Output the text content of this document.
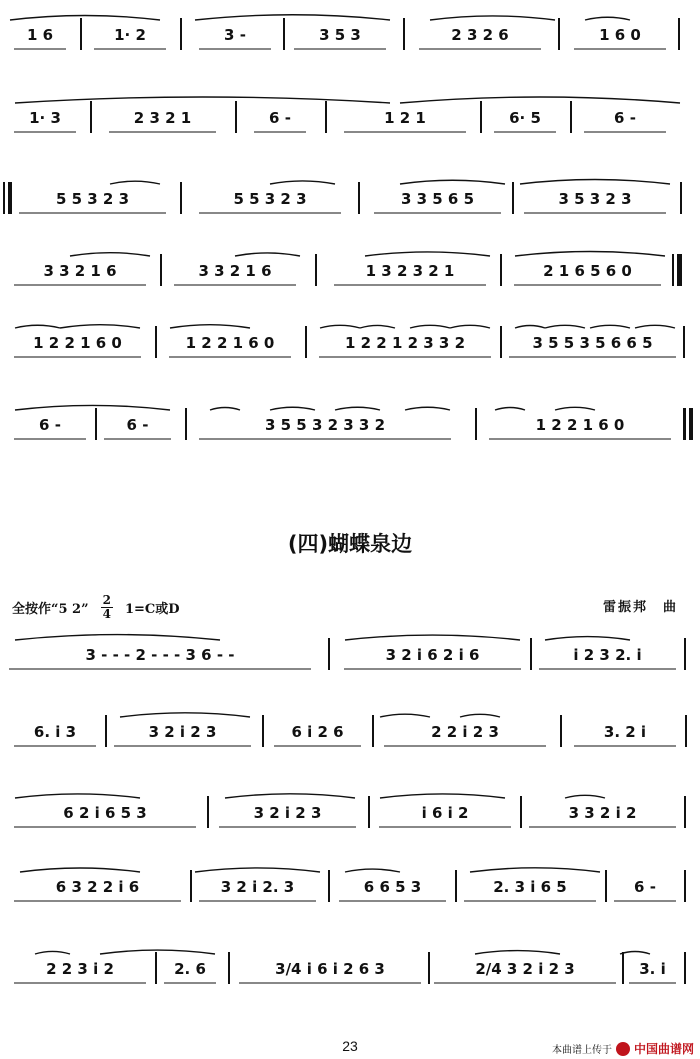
1 6	1· 2	3 -	3 5 3	2 3 2 6	1 6 0
1· 3	2 3 2 1	6 -	1 2 1	6· 5	6 -
5 5 3 2 3	5 5 3 2 3	3 3 5 6 5	3 5 3 2 3
3 3 2 1 6	3 3 2 1 6	1 3 2 3 2 1	2 1 6 5 6 0
1 2 2 1 6 0	1 2 2 1 6 0	1 2 2 1 2 3 3 2	3 5 5 3 5 6 6 5
6 -	6 -	3 5 5 3 2 3 3 2	1 2 2 1 6 0
3 - - - 2 - - - 3 6 - -	3 2 i 6 2 i 6	i 2 3 2. i
6. i 3	3 2 i 2 3	6 i 2 6	2 2 i 2 3	3. 2 i
6 2 i 6 5 3	3 2 i 2 3	i 6 i 2	3 3 2 i 2
6 3 2 2 i 6	3 2 i 2. 3	6 6 5 3	2. 3 i 6 5	6 -
2 2 3 i 2	2. 6	3/4 i 6 i 2 6 3	2/4 3 2 i 2 3	3. i
(四)蝴蝶泉边
全按作“5 2”
2
4 1=C或D	雷振邦　曲
23	本曲谱上传于 中国曲谱网
